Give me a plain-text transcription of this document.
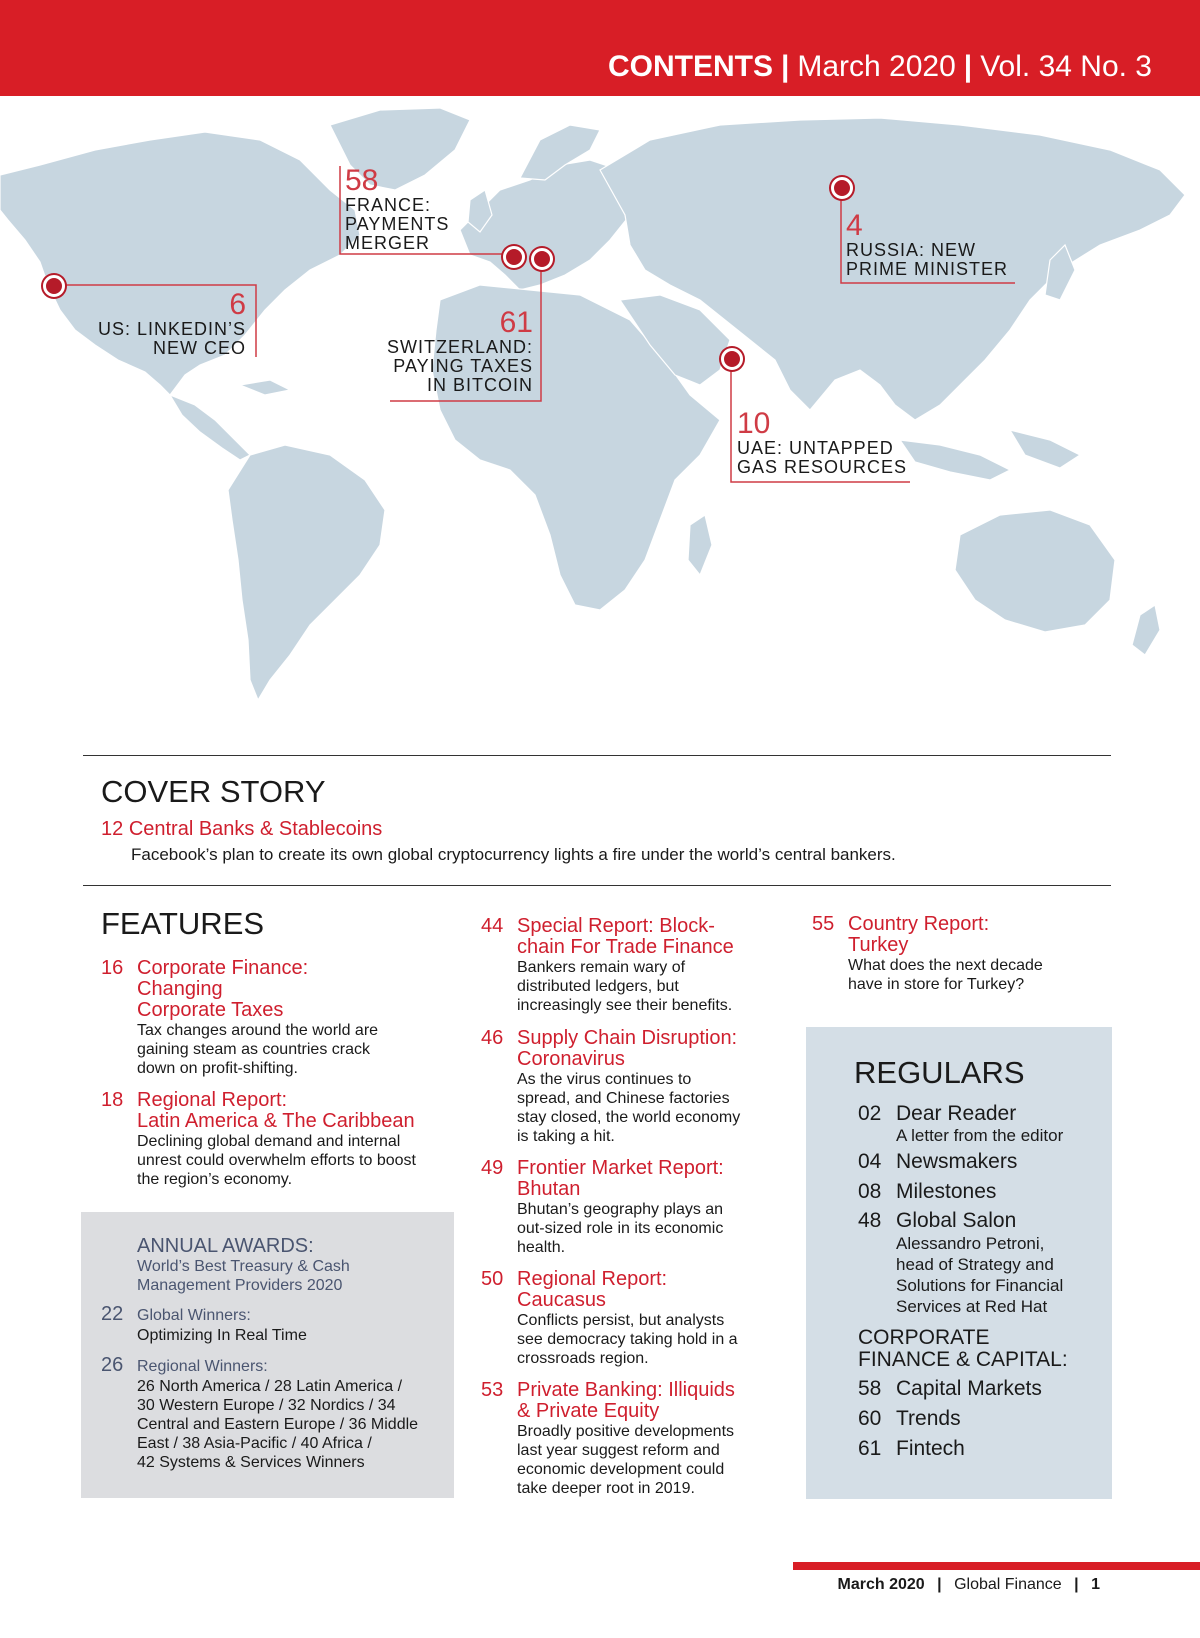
CONTENTS | March 2020 | Vol. 34 No. 3
58
FRANCE:
PAYMENTS
MERGER
4
RUSSIA: NEW
PRIME MINISTER
6
US: LINKEDIN’S
NEW CEO
61
SWITZERLAND:
PAYING TAXES
IN BITCOIN
10
UAE: UNTAPPED
GAS RESOURCES
COVER STORY
12 Central Banks & Stablecoins
Facebook’s plan to create its own global cryptocurrency lights a fire under the world’s central bankers.
FEATURES
16 Corporate Finance:
Changing
Corporate Taxes
Tax changes around the world are
gaining steam as countries crack
down on profit-shifting.
18 Regional Report:
Latin America & The Caribbean
Declining global demand and internal
unrest could overwhelm efforts to boost
the region’s economy.
ANNUAL AWARDS:
World’s Best Treasury & Cash
Management Providers 2020
22 Global Winners:
Optimizing In Real Time
26 Regional Winners:
26 North America / 28 Latin America /
30 Western Europe / 32 Nordics / 34
Central and Eastern Europe / 36 Middle
East / 38 Asia-Pacific / 40 Africa /
42 Systems & Services Winners
44 Special Report: Block-
chain For Trade Finance
Bankers remain wary of
distributed ledgers, but
increasingly see their benefits.
46 Supply Chain Disruption:
Coronavirus
As the virus continues to
spread, and Chinese factories
stay closed, the world economy
is taking a hit.
49 Frontier Market Report:
Bhutan
Bhutan’s geography plays an
out-sized role in its economic
health.
50 Regional Report:
Caucasus
Conflicts persist, but analysts
see democracy taking hold in a
crossroads region.
53 Private Banking: Illiquids
& Private Equity
Broadly positive developments
last year suggest reform and
economic development could
take deeper root in 2019.
55 Country Report:
Turkey
What does the next decade
have in store for Turkey?
REGULARS
02 Dear Reader
A letter from the editor
04 Newsmakers
08 Milestones
48 Global Salon
Alessandro Petroni,
head of Strategy and
Solutions for Financial
Services at Red Hat
CORPORATE
FINANCE & CAPITAL:
58 Capital Markets
60 Trends
61 Fintech
March 2020 | Global Finance | 1
